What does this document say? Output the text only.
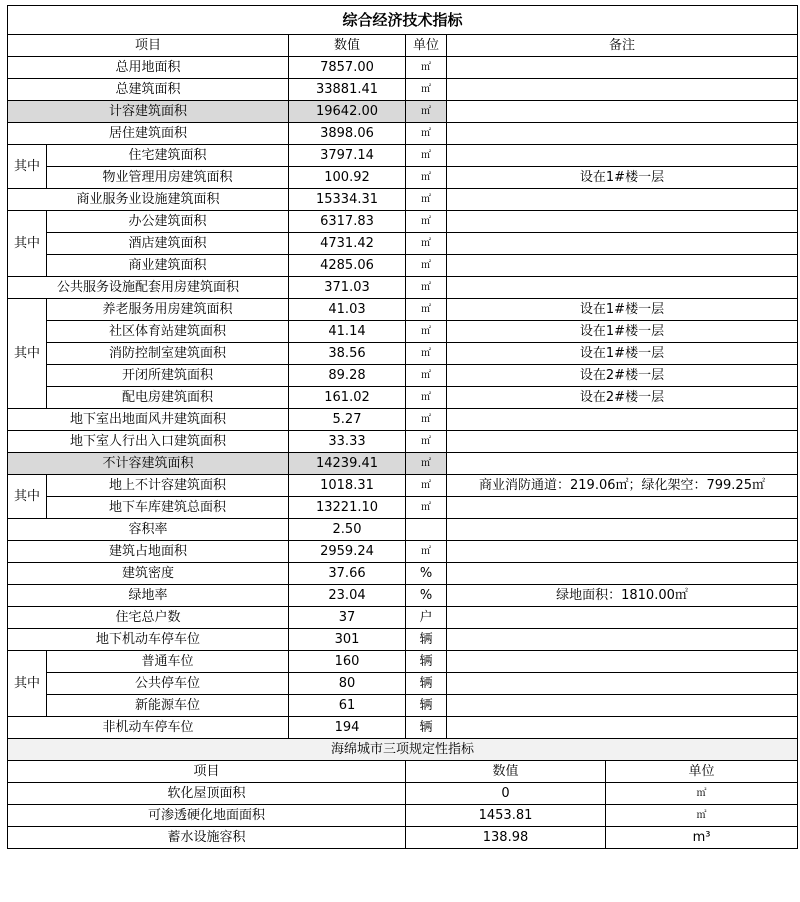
综合经济技术指标				
项目		数值	单位	备注
总用地面积		7857.00	㎡	
总建筑面积		33881.41	㎡	
计容建筑面积		19642.00	㎡	
居住建筑面积		3898.06	㎡	
其中	住宅建筑面积	3797.14	㎡	
	物业管理用房建筑面积	100.92	㎡	设在1#楼一层
商业服务业设施建筑面积		15334.31	㎡	
其中	办公建筑面积	6317.83	㎡	
	酒店建筑面积	4731.42	㎡	
	商业建筑面积	4285.06	㎡	
公共服务设施配套用房建筑面积		371.03	㎡	
其中	养老服务用房建筑面积	41.03	㎡	设在1#楼一层
	社区体育站建筑面积	41.14	㎡	设在1#楼一层
	消防控制室建筑面积	38.56	㎡	设在1#楼一层
	开闭所建筑面积	89.28	㎡	设在2#楼一层
	配电房建筑面积	161.02	㎡	设在2#楼一层
地下室出地面风井建筑面积		5.27	㎡	
地下室人行出入口建筑面积		33.33	㎡	
不计容建筑面积		14239.41	㎡	
其中	地上不计容建筑面积	1018.31	㎡	商业消防通道：219.06㎡；绿化架空：799.25㎡
	地下车库建筑总面积	13221.10	㎡	
容积率		2.50		
建筑占地面积		2959.24	㎡	
建筑密度		37.66	%	
绿地率		23.04	%	绿地面积：1810.00㎡
住宅总户数		37	户	
地下机动车停车位		301	辆	
其中	普通车位	160	辆	
	公共停车位	80	辆	
	新能源车位	61	辆	
非机动车停车位		194	辆	
海绵城市三项规定性指标				
项目	数值	单位
软化屋顶面积	0	㎡
可渗透硬化地面面积	1453.81	㎡
蓄水设施容积	138.98	m³
